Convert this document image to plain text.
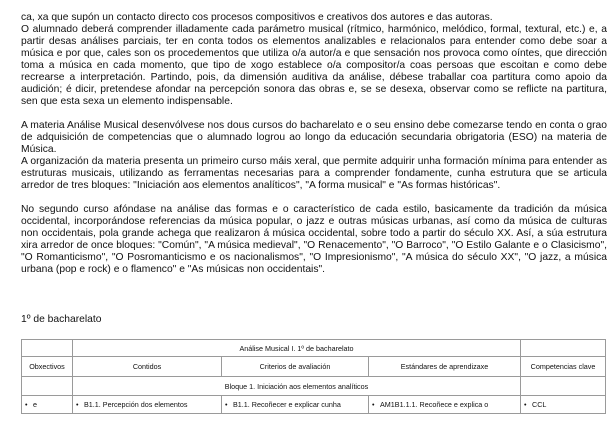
ca, xa que supón un contacto directo cos procesos compositivos e creativos dos autores e das autoras.

O alumnado deberá comprender illadamente cada parámetro musical (rítmico, harmónico, melódico, formal, textural, etc.) e, a partir desas análises parciais, ter en conta todos os elementos analizables e relacionalos para entender como debe soar a música e por que, cales son os procedementos que utiliza o/a autor/a e que sensación nos provoca como oíntes, que dirección toma a música en cada momento, que tipo de xogo establece o/a compositor/a coas persoas que escoitan e como debe recrearse a interpretación. Partindo, pois, da dimensión auditiva da análise, débese traballar coa partitura como apoio da audición; é dicir, pretendese afondar na percepción sonora das obras e, se se desexa, observar como se reflicte na partitura, sen que esta sexa un elemento indispensable.

A materia Análise Musical desenvólvese nos dous cursos do bacharelato e o seu ensino debe comezarse tendo en conta o grao de adquisición de competencias que o alumnado logrou ao longo da educación secundaria obrigatoria (ESO) na materia de Música.

A organización da materia presenta un primeiro curso máis xeral, que permite adquirir unha formación mínima para entender as estruturas musicais, utilizando as ferramentas necesarias para a comprender fondamente, cunha estrutura que se articula arredor de tres bloques: "Iniciación aos elementos analíticos", "A forma musical" e "As formas históricas".

No segundo curso afóndase na análise das formas e o característico de cada estilo, basicamente da tradición da música occidental, incorporándose referencias da música popular, o jazz e outras músicas urbanas, así como da música de culturas non occidentais, pola grande achega que realizaron á música occidental, sobre todo a partir do século XX. Así, a súa estrutura xira arredor de once bloques: "Común", "A música medieval", "O Renacemento", "O Barroco", "O Estilo Galante e o Clasicismo", "O Romanticismo", "O Posromanticismo e os nacionalismos", "O Impresionismo", "A música do século XX", "O jazz, a música urbana (pop e rock) e o flamenco" e "As músicas non occidentais".

1º de bacharelato

	Análise Musical I. 1º de bacharelato			
Obxectivos	Contidos	Criterios de avaliación	Estándares de aprendizaxe	Competencias clave
	Bloque 1. Iniciación aos elementos analíticos			
• e	• B1.1. Percepción dos elementos	• B1.1. Recoñecer e explicar cunha	• AM1B1.1.1. Recoñece e explica o	• CCL
